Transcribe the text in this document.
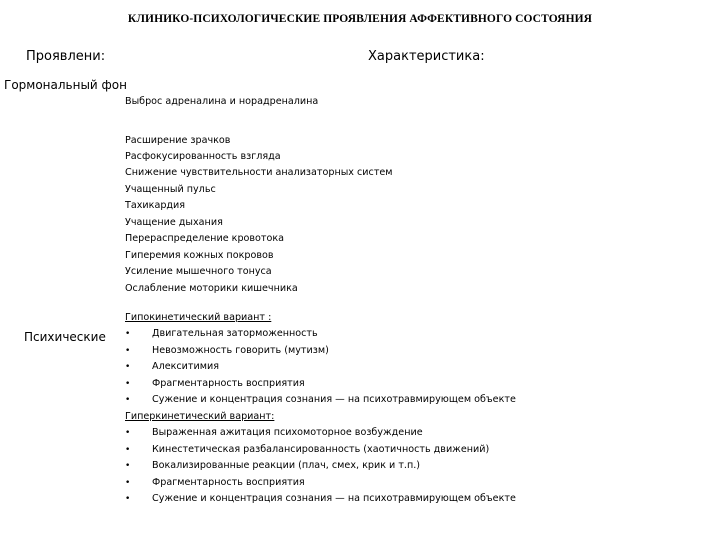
КЛИНИКО-ПСИХОЛОГИЧЕСКИЕ ПРОЯВЛЕНИЯ АФФЕКТИВНОГО СОСТОЯНИЯ
Проявлени:	Характеристика:
Гормональный фон
Выброс адреналина и норадреналина
Расширение зрачков
Расфокусированность взгляда
Снижение чувствительности анализаторных систем
Учащенный пульс
Тахикардия
Учащение дыхания
Перераспределение кровотока
Гиперемия кожных покровов
Усиление мышечного тонуса
Ослабление моторики кишечника
Психические
Гипокинетический вариант :
• Двигательная заторможенность
• Невозможность говорить (мутизм)
• Алекситимия
• Фрагментарность восприятия
• Сужение и концентрация сознания — на психотравмирующем объекте
Гиперкинетический вариант:
• Выраженная ажитация психомоторное возбуждение
• Кинестетическая разбалансированность (хаотичность движений)
• Вокализированные реакции (плач, смех, крик и т.п.)
• Фрагментарность восприятия
• Сужение и концентрация сознания — на психотравмирующем объекте
